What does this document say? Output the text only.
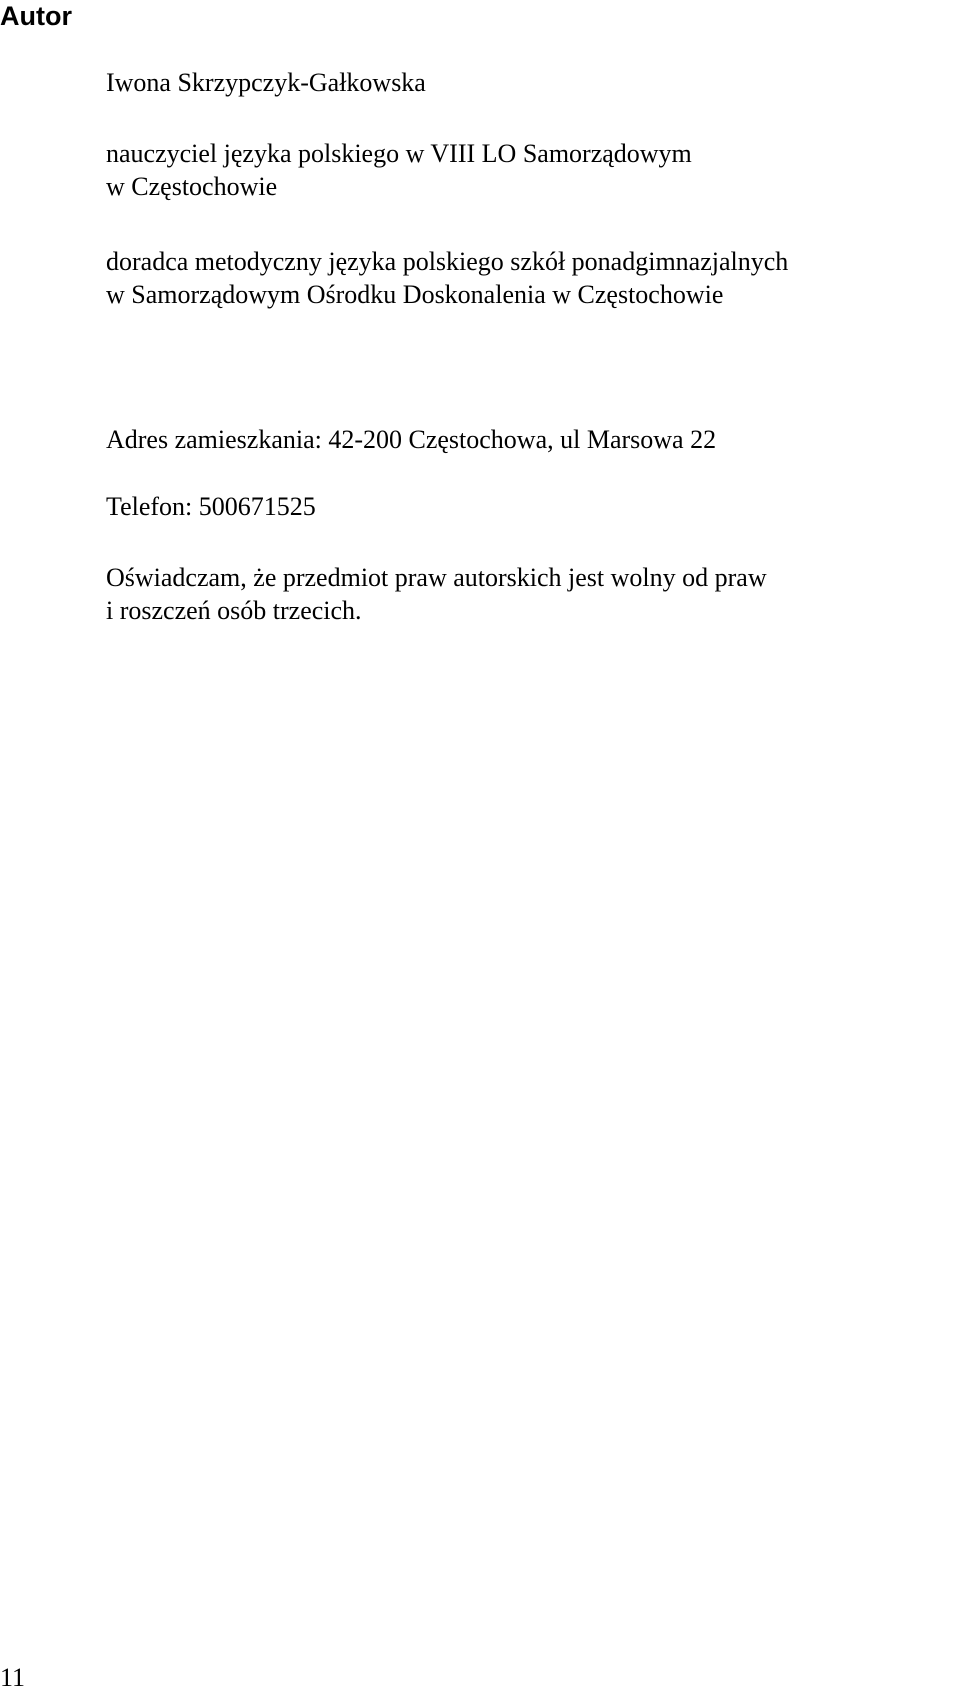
Autor

Iwona Skrzypczyk-Gałkowska

nauczyciel języka polskiego w VIII LO Samorządowym
w Częstochowie

doradca metodyczny języka polskiego szkół ponadgimnazjalnych
w Samorządowym Ośrodku Doskonalenia w Częstochowie

Adres zamieszkania: 42-200 Częstochowa, ul Marsowa 22

Telefon: 500671525

Oświadczam, że przedmiot praw autorskich jest wolny od praw
i roszczeń osób trzecich.

11
